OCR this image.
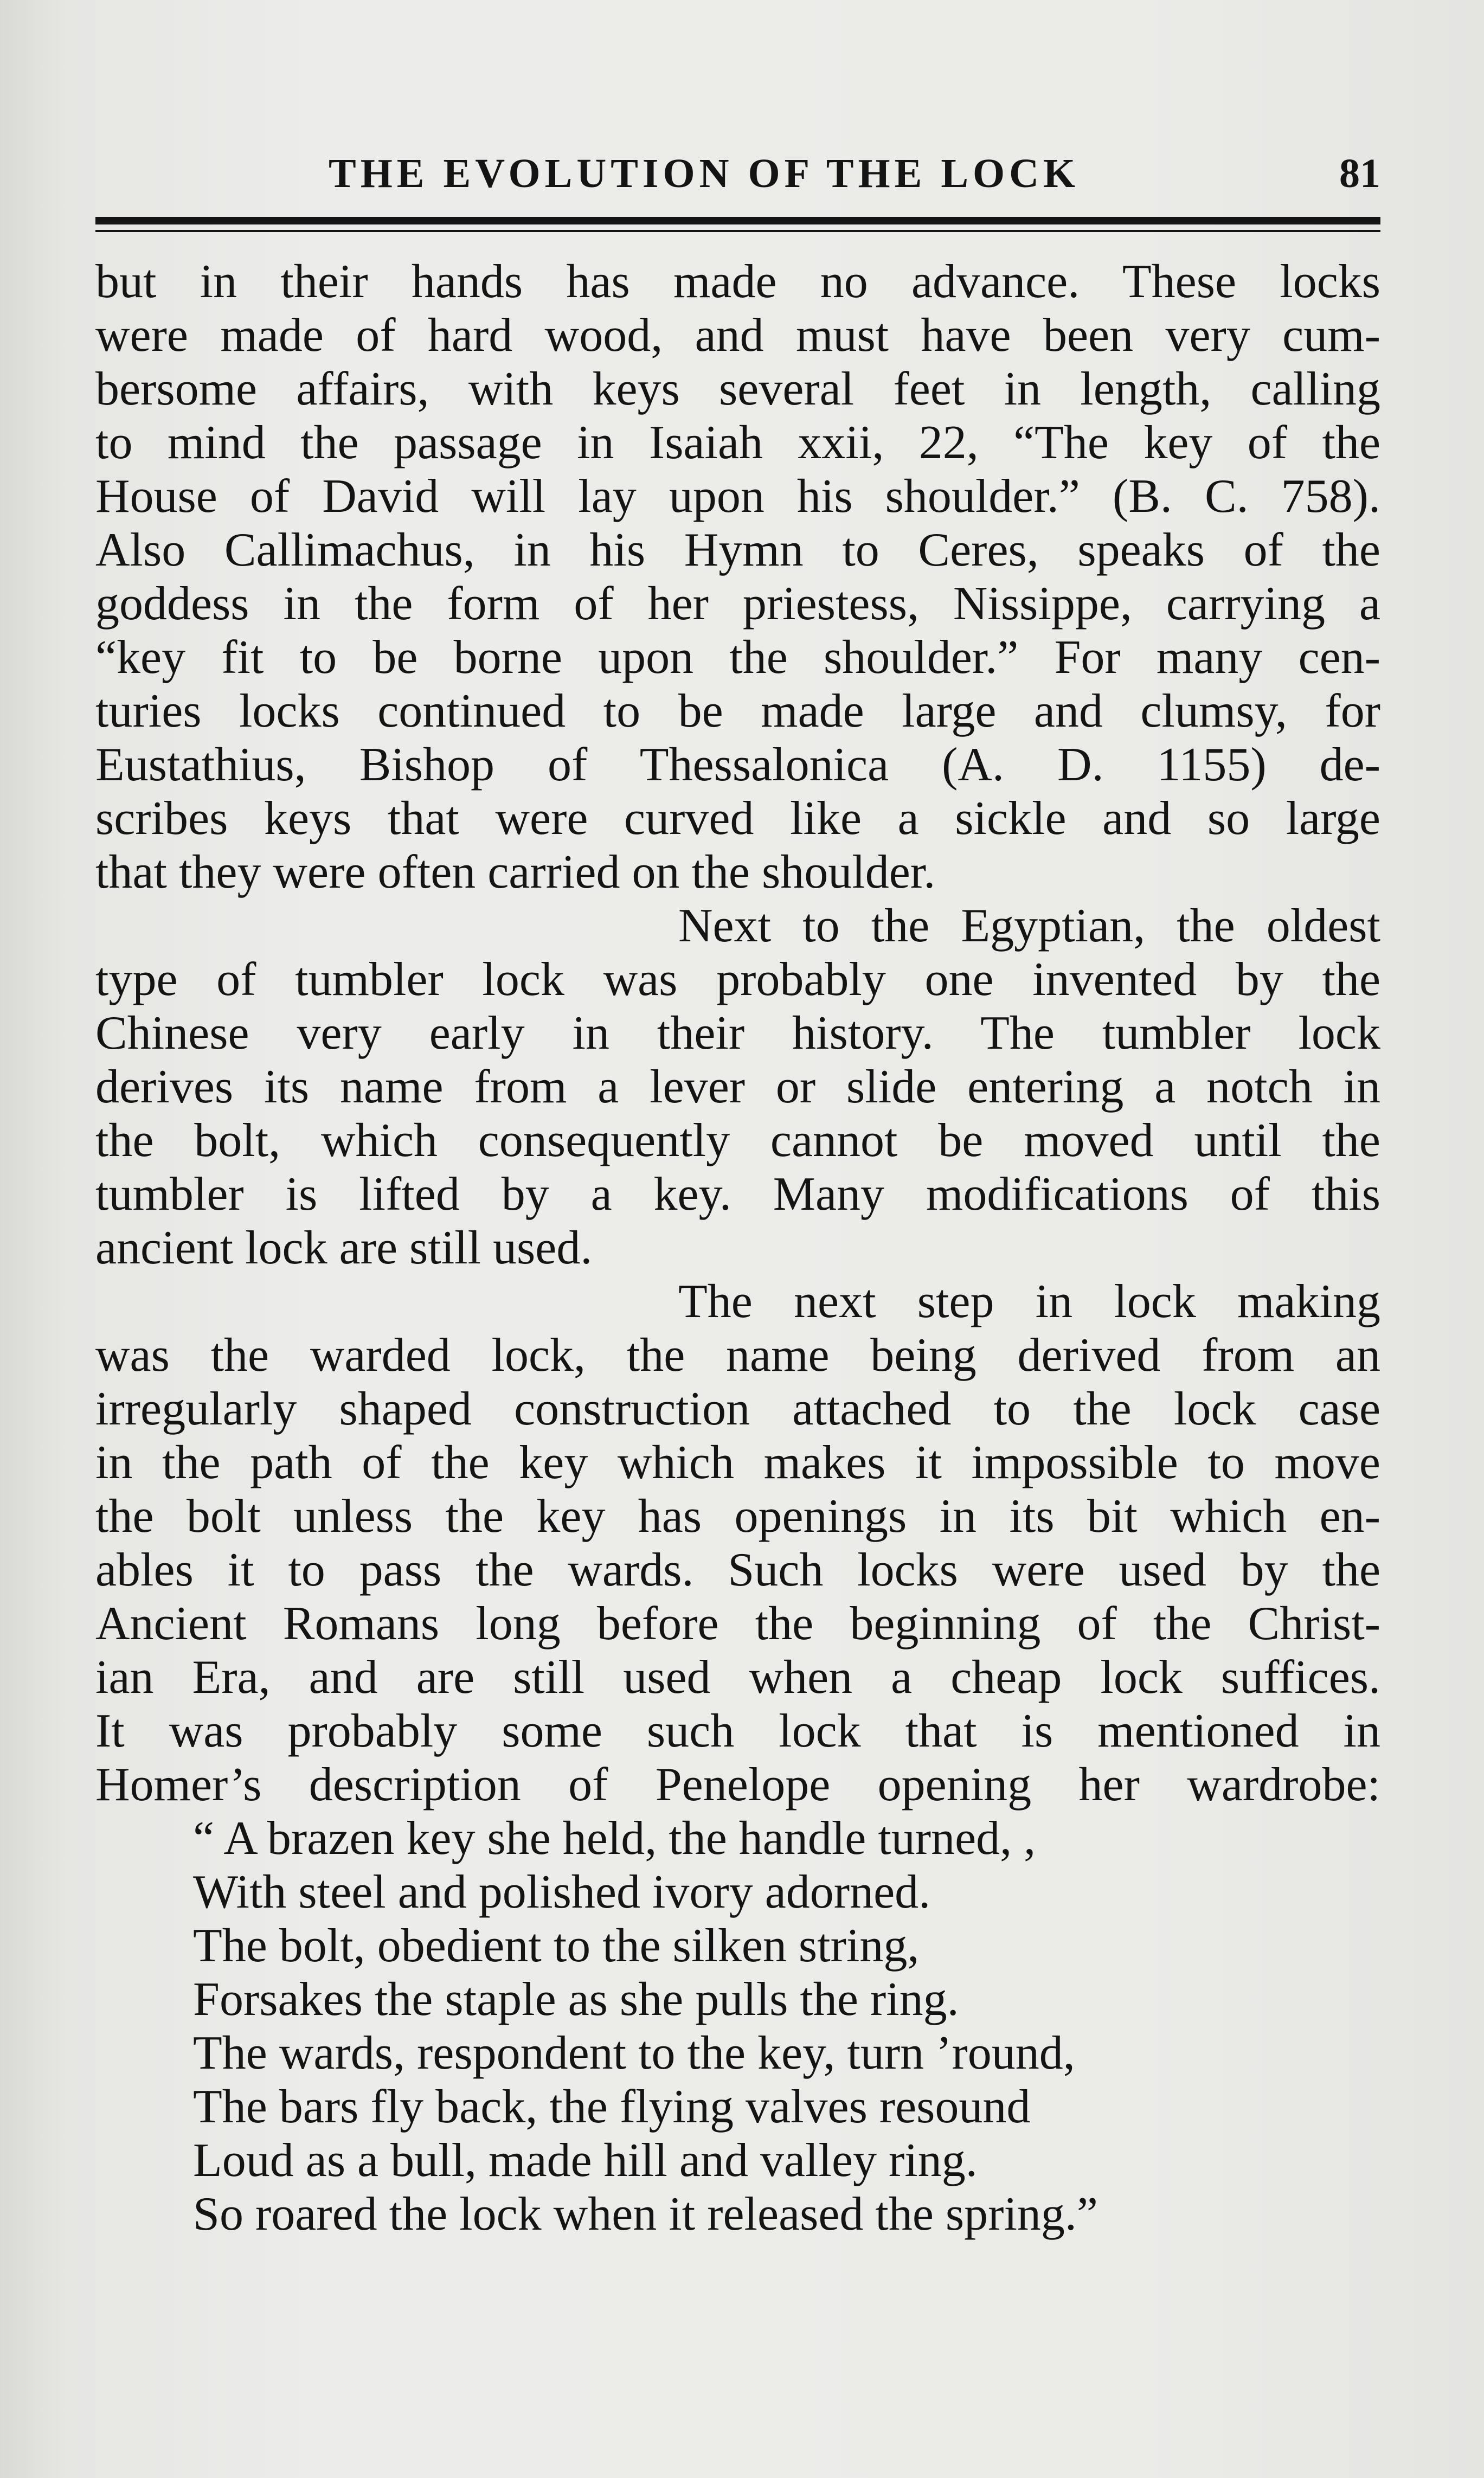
THE EVOLUTION OF THE LOCK	81
but in their hands has made no advance. These locks
were made of hard wood, and must have been very cum-
bersome affairs, with keys several feet in length, calling
to mind the passage in Isaiah xxii, 22, “The key of the
House of David will lay upon his shoulder.” (B. C. 758).
Also Callimachus, in his Hymn to Ceres, speaks of the
goddess in the form of her priestess, Nissippe, carrying a
“key fit to be borne upon the shoulder.” For many cen-
turies locks continued to be made large and clumsy, for
Eustathius, Bishop of Thessalonica (A. D. 1155) de-
scribes keys that were curved like a sickle and so large
that they were often carried on the shoulder.
Next to the Egyptian, the oldest
type of tumbler lock was probably one invented by the
Chinese very early in their history. The tumbler lock
derives its name from a lever or slide entering a notch in
the bolt, which consequently cannot be moved until the
tumbler is lifted by a key. Many modifications of this
ancient lock are still used.
The next step in lock making
was the warded lock, the name being derived from an
irregularly shaped construction attached to the lock case
in the path of the key which makes it impossible to move
the bolt unless the key has openings in its bit which en-
ables it to pass the wards. Such locks were used by the
Ancient Romans long before the beginning of the Christ-
ian Era, and are still used when a cheap lock suffices.
It was probably some such lock that is mentioned in
Homer’s description of Penelope opening her wardrobe:
“ A brazen key she held, the handle turned, ,
With steel and polished ivory adorned.
The bolt, obedient to the silken string,
Forsakes the staple as she pulls the ring.
The wards, respondent to the key, turn ’round,
The bars fly back, the flying valves resound
Loud as a bull, made hill and valley ring.
So roared the lock when it released the spring.”
